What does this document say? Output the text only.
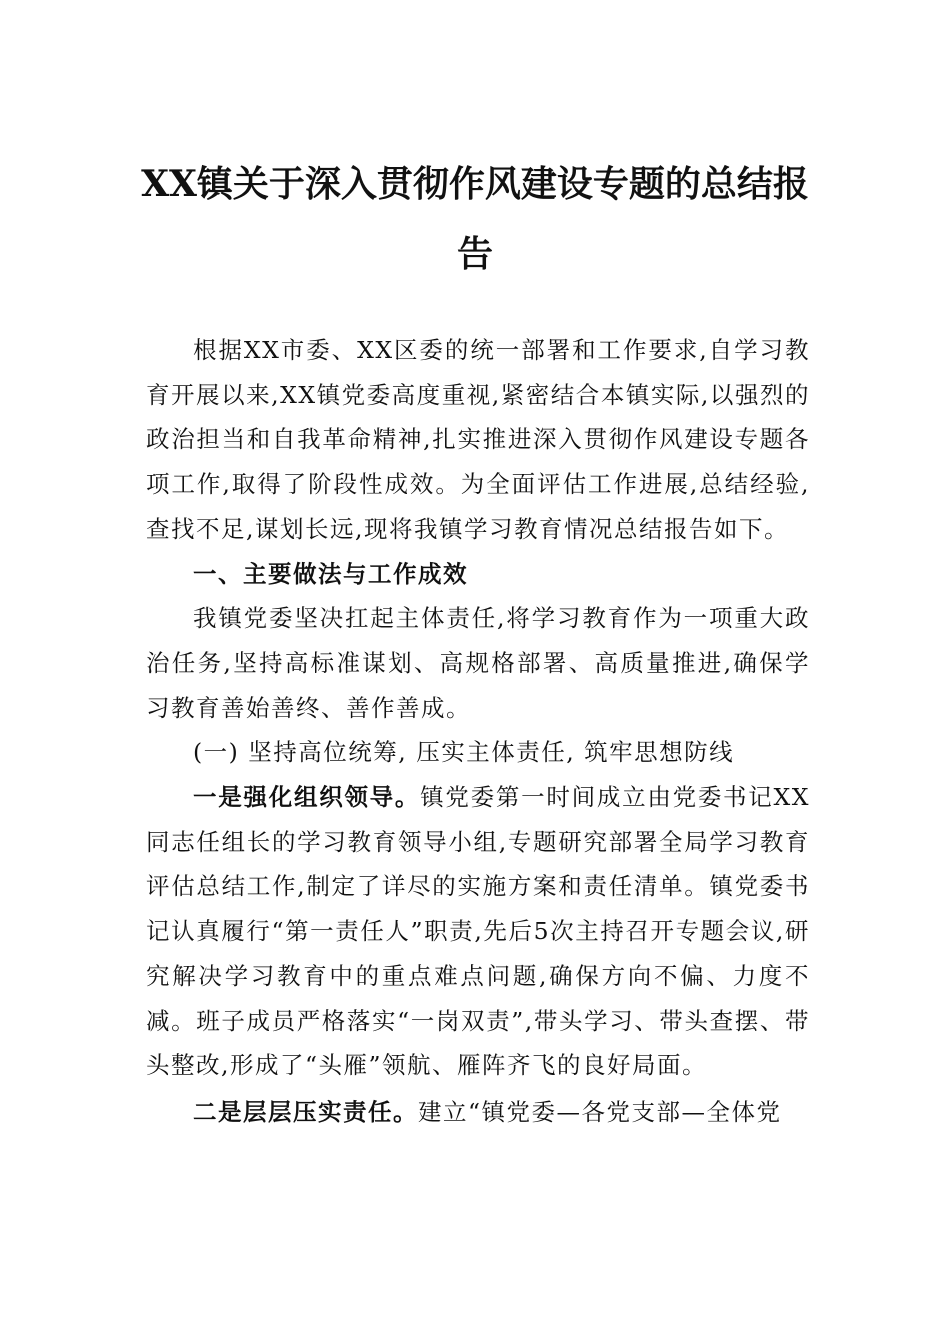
XX镇关于深入贯彻作风建设专题的总结报
告

根据XX市委、XX区委的统一部署和工作要求,自学习教育开展以来,XX镇党委高度重视,紧密结合本镇实际,以强烈的政治担当和自我革命精神,扎实推进深入贯彻作风建设专题各项工作,取得了阶段性成效。为全面评估工作进展,总结经验,查找不足,谋划长远,现将我镇学习教育情况总结报告如下。

一、主要做法与工作成效

我镇党委坚决扛起主体责任,将学习教育作为一项重大政治任务,坚持高标准谋划、高规格部署、高质量推进,确保学习教育善始善终、善作善成。

(一) 坚持高位统筹, 压实主体责任, 筑牢思想防线

一是强化组织领导。镇党委第一时间成立由党委书记XX同志任组长的学习教育领导小组,专题研究部署全局学习教育评估总结工作,制定了详尽的实施方案和责任清单。镇党委书记认真履行“第一责任人”职责,先后5次主持召开专题会议,研究解决学习教育中的重点难点问题,确保方向不偏、力度不减。班子成员严格落实“一岗双责”,带头学习、带头查摆、带头整改,形成了“头雁”领航、雁阵齐飞的良好局面。

二是层层压实责任。建立“镇党委—各党支部—全体党
